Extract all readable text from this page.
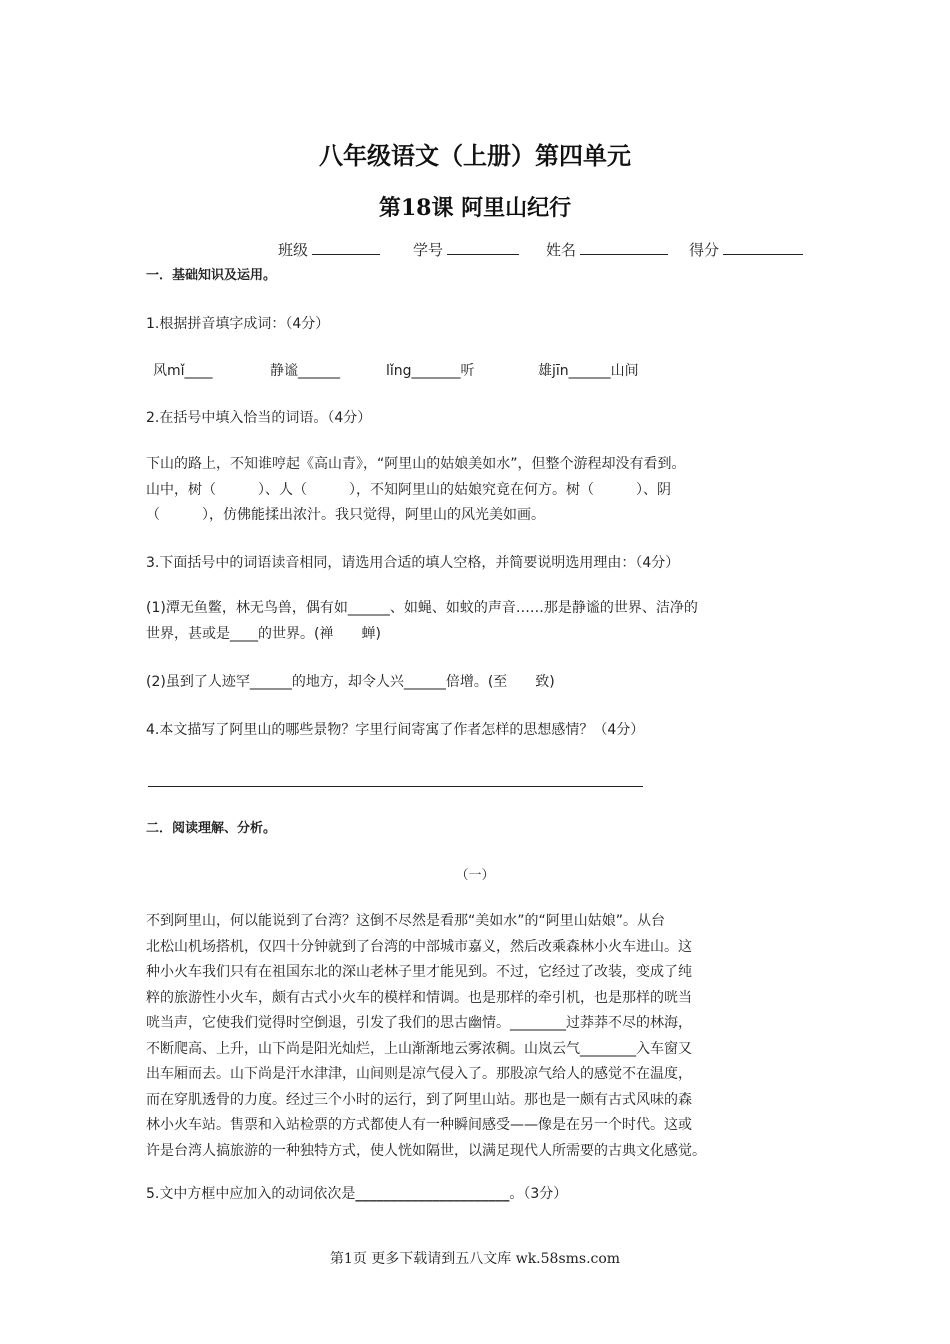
八年级语文（上册）第四单元
第18课 阿里山纪行
班级	学号	姓名	得分
一．基础知识及运用。
1.根据拼音填字成词：（4分）
风mǐ____	静谧______	lǐng_______听	雄jīn______山间
2.在括号中填入恰当的词语。（4分）
下山的路上，不知谁哼起《高山青》，“阿里山的姑娘美如水”，但整个游程却没有看到。
山中，树（　　　）、人（　　　），不知阿里山的姑娘究竟在何方。树（　　　）、阴
（　　　），仿佛能揉出浓汁。我只觉得，阿里山的风光美如画。
3.下面括号中的词语读音相同，请选用合适的填人空格，并简要说明选用理由：（4分）
(1)潭无鱼鳖，林无鸟兽，偶有如______、如蝇、如蚊的声音……那是静谧的世界、洁净的
世界，甚或是____的世界。(禅　　蝉)
(2)虽到了人迹罕______的地方，却令人兴______倍增。(至　　致)
4.本文描写了阿里山的哪些景物？字里行间寄寓了作者怎样的思想感情？（4分）
二．阅读理解、分析。
（一）
不到阿里山，何以能说到了台湾？这倒不尽然是看那“美如水”的“阿里山姑娘”。从台
北松山机场搭机，仅四十分钟就到了台湾的中部城市嘉义，然后改乘森林小火车进山。这
种小火车我们只有在祖国东北的深山老林子里才能见到。不过，它经过了改装，变成了纯
粹的旅游性小火车，颇有古式小火车的模样和情调。也是那样的牵引机，也是那样的咣当
咣当声，它使我们觉得时空倒退，引发了我们的思古幽情。________过莽莽不尽的林海，
不断爬高、上升，山下尚是阳光灿烂，上山渐渐地云雾浓稠。山岚云气________入车窗又
出车厢而去。山下尚是汗水津津，山间则是凉气侵入了。那股凉气给人的感觉不在温度，
而在穿肌透骨的力度。经过三个小时的运行，到了阿里山站。那也是一颇有古式风味的森
林小火车站。售票和入站检票的方式都使人有一种瞬间感受——像是在另一个时代。这或
许是台湾人搞旅游的一种独特方式，使人恍如隔世，以满足现代人所需要的古典文化感觉。
5.文中方框中应加入的动词依次是______________________。（3分）
第1页 更多下载请到五八文库 wk.58sms.com
